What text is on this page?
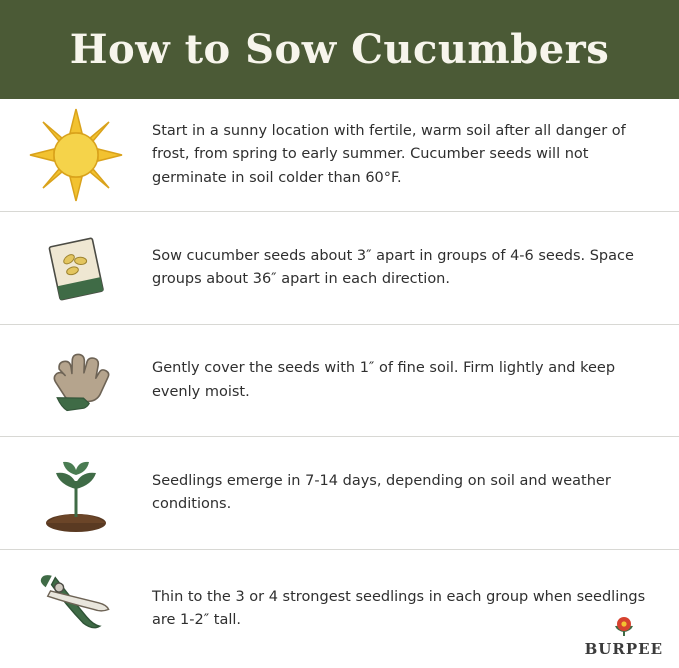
How to Sow Cucumbers
Start in a sunny location with fertile, warm soil after all danger of frost, from spring to early summer. Cucumber seeds will not germinate in soil colder than 60°F.
Sow cucumber seeds about 3″ apart in groups of 4-6 seeds. Space groups about 36″ apart in each direction.
Gently cover the seeds with 1″ of fine soil. Firm lightly and keep evenly moist.
Seedlings emerge in 7-14 days, depending on soil and weather conditions.
Thin to the 3 or 4 strongest seedlings in each group when seedlings are 1-2″ tall.
BURPEE
